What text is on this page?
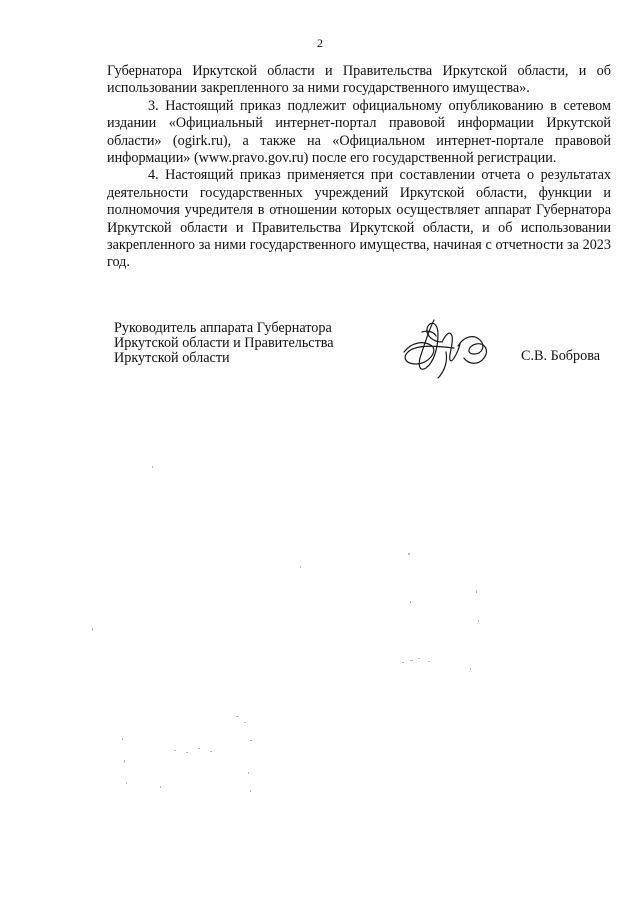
2

Губернатора Иркутской области и Правительства Иркутской области, и об использовании закрепленного за ними государственного имущества».

3. Настоящий приказ подлежит официальному опубликованию в сетевом издании «Официальный интернет-портал правовой информации Иркутской области» (ogirk.ru), а также на «Официальном интернет-портале правовой информации» (www.pravo.gov.ru) после его государственной регистрации.

4. Настоящий приказ применяется при составлении отчета о результатах деятельности государственных учреждений Иркутской области, функции и полномочия учредителя в отношении которых осуществляет аппарат Губернатора Иркутской области и Правительства Иркутской области, и об использовании закрепленного за ними государственного имущества, начиная с отчетности за 2023 год.

Руководитель аппарата Губернатора
Иркутской области и Правительства
Иркутской области	С.В. Боброва
